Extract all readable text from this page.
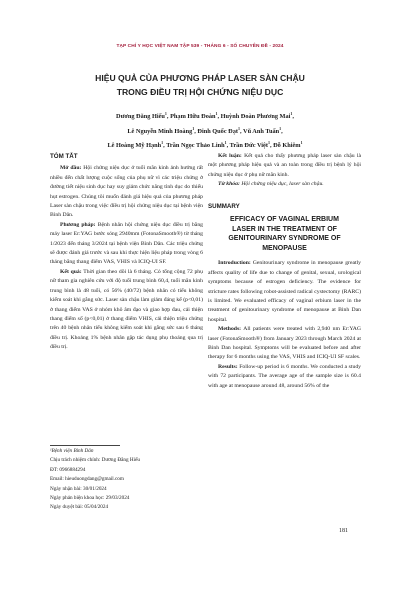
TẠP CHÍ Y HỌC VIỆT NAM TẬP 539 - THÁNG 6 - SỐ CHUYÊN ĐỀ - 2024
HIỆU QUẢ CỦA PHƯƠNG PHÁP LASER SÀN CHẬU
TRONG ĐIỀU TRỊ HỘI CHỨNG NIỆU DỤC
Dương Đăng Hiếu$^1$, Phạm Hữu Đoàn$^1$, Huỳnh Đoàn Phương Mai$^1$,
Lê Nguyễn Minh Hoàng$^1$, Đinh Quốc Đạt$^1$, Vũ Anh Tuấn$^1$,
Lê Hoàng Mỹ Hạnh$^1$, Trần Ngọc Thảo Linh$^1$, Trần Đức Việt$^1$, Đỗ Khiêm$^1$
TÓM TẮT

Mở đầu: Hội chứng niệu dục ở tuổi mãn kinh ảnh hưởng rất nhiều đến chất lượng cuộc sống của phụ nữ vì các triệu chứng ở đường tiết niệu sinh dục hay suy giảm chức năng tình dục do thiếu hụt estrogen. Chúng tôi muốn đánh giá hiệu quả của phương pháp Laser sàn chậu trong việc điều trị hội chứng niệu dục tại bệnh viện Bình Dân.

Phương pháp: Bệnh nhân hội chứng niệu dục điều trị bằng máy laser Er:YAG bước sóng 2940mm (FotonaSmooth®) từ tháng 1/2023 đến tháng 3/2024 tại bệnh viện Bình Dân. Các triệu chứng sẽ được đánh giá trước và sau khi thực hiện liệu pháp trong vòng 6 tháng bằng thang điểm VAS, VHIS và ICIQ-UI SF.

Kết quả: Thời gian theo dõi là 6 tháng. Có tổng cộng 72 phụ nữ tham gia nghiên cứu với độ tuổi trung bình 60,4, tuổi mãn kinh trung bình là 48 tuổi, có 56% (40/72) bệnh nhân có tiểu không kiểm soát khi gắng sức. Laser sàn chậu làm giảm đáng kể (p<0,01) ở thang điểm VAS ở nhóm khô âm đạo và giao hợp đau, cải thiện thang điểm số (p<0,01) ở thang điểm VHIS, cải thiện triệu chứng trên 40 bệnh nhân tiểu không kiểm soát khi gắng sức sau 6 tháng điều trị. Khoảng 1% bệnh nhân gặp tác dụng phụ thoáng qua trị điều trị.

¹Bệnh viện Bình Dân
Chịu trách nhiệm chính: Dương Đăng Hiếu
ĐT: 0966884294
Email: hieuduongdang@gmail.com
Ngày nhận bài: 30/01/2024
Ngày phản biện khoa học: 29/03/2024
Ngày duyệt bài: 05/04/2024

Kết luận: Kết quả cho thấy phương pháp laser sàn chậu là một phương pháp hiệu quả và an toàn trong điều trị bệnh lý hội chứng niệu dục ở phụ nữ mãn kinh.

Từ khóa: Hội chứng niệu dục, laser sàn chậu.

SUMMARY
EFFICACY OF VAGINAL ERBIUM
LASER IN THE TREATMENT OF
GENITOURINARY SYNDROME OF
MENOPAUSE

Introduction: Genitourinary syndrome in menopause greatly affects quality of life due to change of genital, sexual, urological symptoms because of estrogen deficiency. The evidence for stricture rates following robot-assisted radical cystectomy (RARC) is limited. We evaluated efficacy of vaginal erbium laser in the treatment of genitourinary syndrome of menopause at Binh Dan hospital.

Methods: All patients were treated with 2,940 nm Er:YAG laser (FotonaSmooth®) from January 2023 through March 2024 at Binh Dan hospital. Symptoms will be evaluated before and after therapy for 6 months using the VAS, VHIS and ICIQ-UI SF scales.

Results: Follow-up period is 6 months. We conducted a study with 72 participants. The average age of the sample size is 60.4 with age at menopause around 48, around 56% of the

181
